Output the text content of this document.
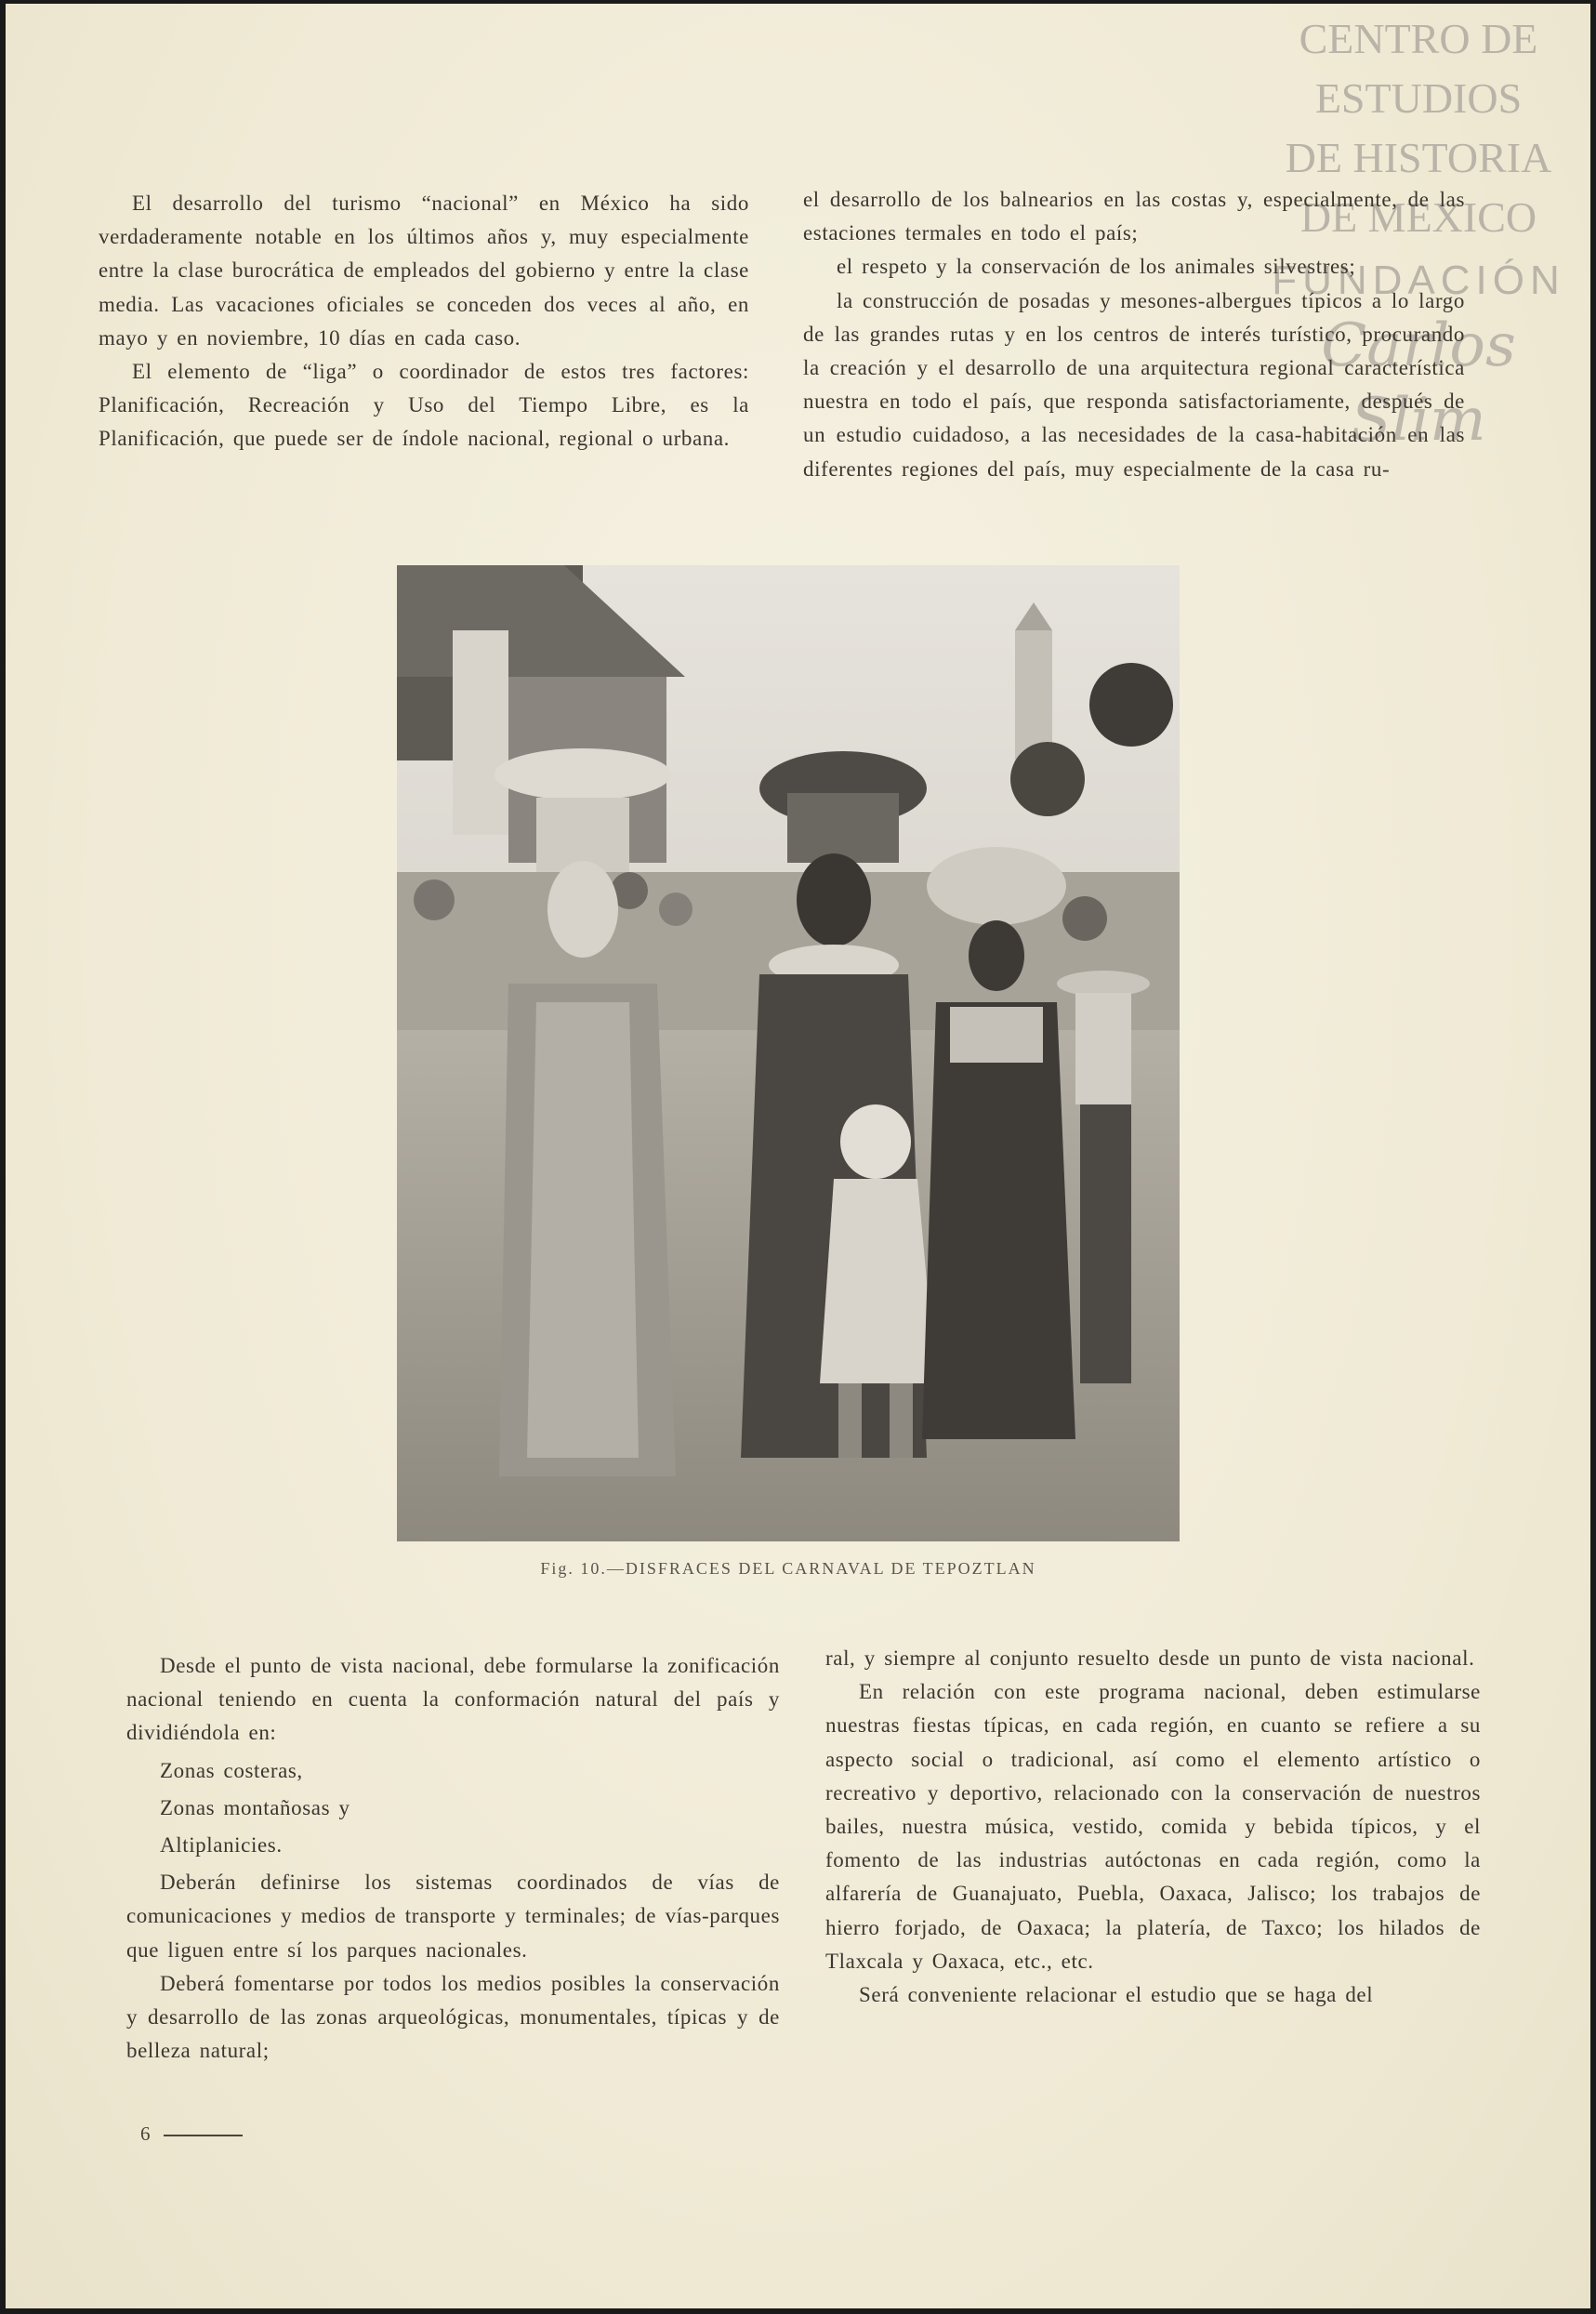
CENTRO DE
ESTUDIOS
DE HISTORIA
DE MEXICO
FUNDACIÓN
Carlos Slim

El desarrollo del turismo “nacional” en México ha sido verdaderamente notable en los últimos años y, muy especialmente entre la clase burocrática de empleados del gobierno y entre la clase media. Las vacaciones oficiales se conceden dos veces al año, en mayo y en noviembre, 10 días en cada caso.

El elemento de “liga” o coordinador de estos tres factores: Planificación, Recreación y Uso del Tiempo Libre, es la Planificación, que puede ser de índole nacional, regional o urbana.

el desarrollo de los balnearios en las costas y, especialmente, de las estaciones termales en todo el país;

el respeto y la conservación de los animales silvestres;

la construcción de posadas y mesones-albergues típicos a lo largo de las grandes rutas y en los centros de interés turístico, procurando la creación y el desarrollo de una arquitectura regional característica nuestra en todo el país, que responda satisfactoriamente, después de un estudio cuidadoso, a las necesidades de la casa-habitación en las diferentes regiones del país, muy especialmente de la casa ru-

Fig. 10.—DISFRACES DEL CARNAVAL DE TEPOZTLAN

Desde el punto de vista nacional, debe formularse la zonificación nacional teniendo en cuenta la conformación natural del país y dividiéndola en:

Zonas costeras,

Zonas montañosas y

Altiplanicies.

Deberán definirse los sistemas coordinados de vías de comunicaciones y medios de transporte y terminales; de vías-parques que liguen entre sí los parques nacionales.

Deberá fomentarse por todos los medios posibles la conservación y desarrollo de las zonas arqueológicas, monumentales, típicas y de belleza natural;

ral, y siempre al conjunto resuelto desde un punto de vista nacional.

En relación con este programa nacional, deben estimularse nuestras fiestas típicas, en cada región, en cuanto se refiere a su aspecto social o tradicional, así como el elemento artístico o recreativo y deportivo, relacionado con la conservación de nuestros bailes, nuestra música, vestido, comida y bebida típicos, y el fomento de las industrias autóctonas en cada región, como la alfarería de Guanajuato, Puebla, Oaxaca, Jalisco; los trabajos de hierro forjado, de Oaxaca; la platería, de Taxco; los hilados de Tlaxcala y Oaxaca, etc., etc.

Será conveniente relacionar el estudio que se haga del

6
